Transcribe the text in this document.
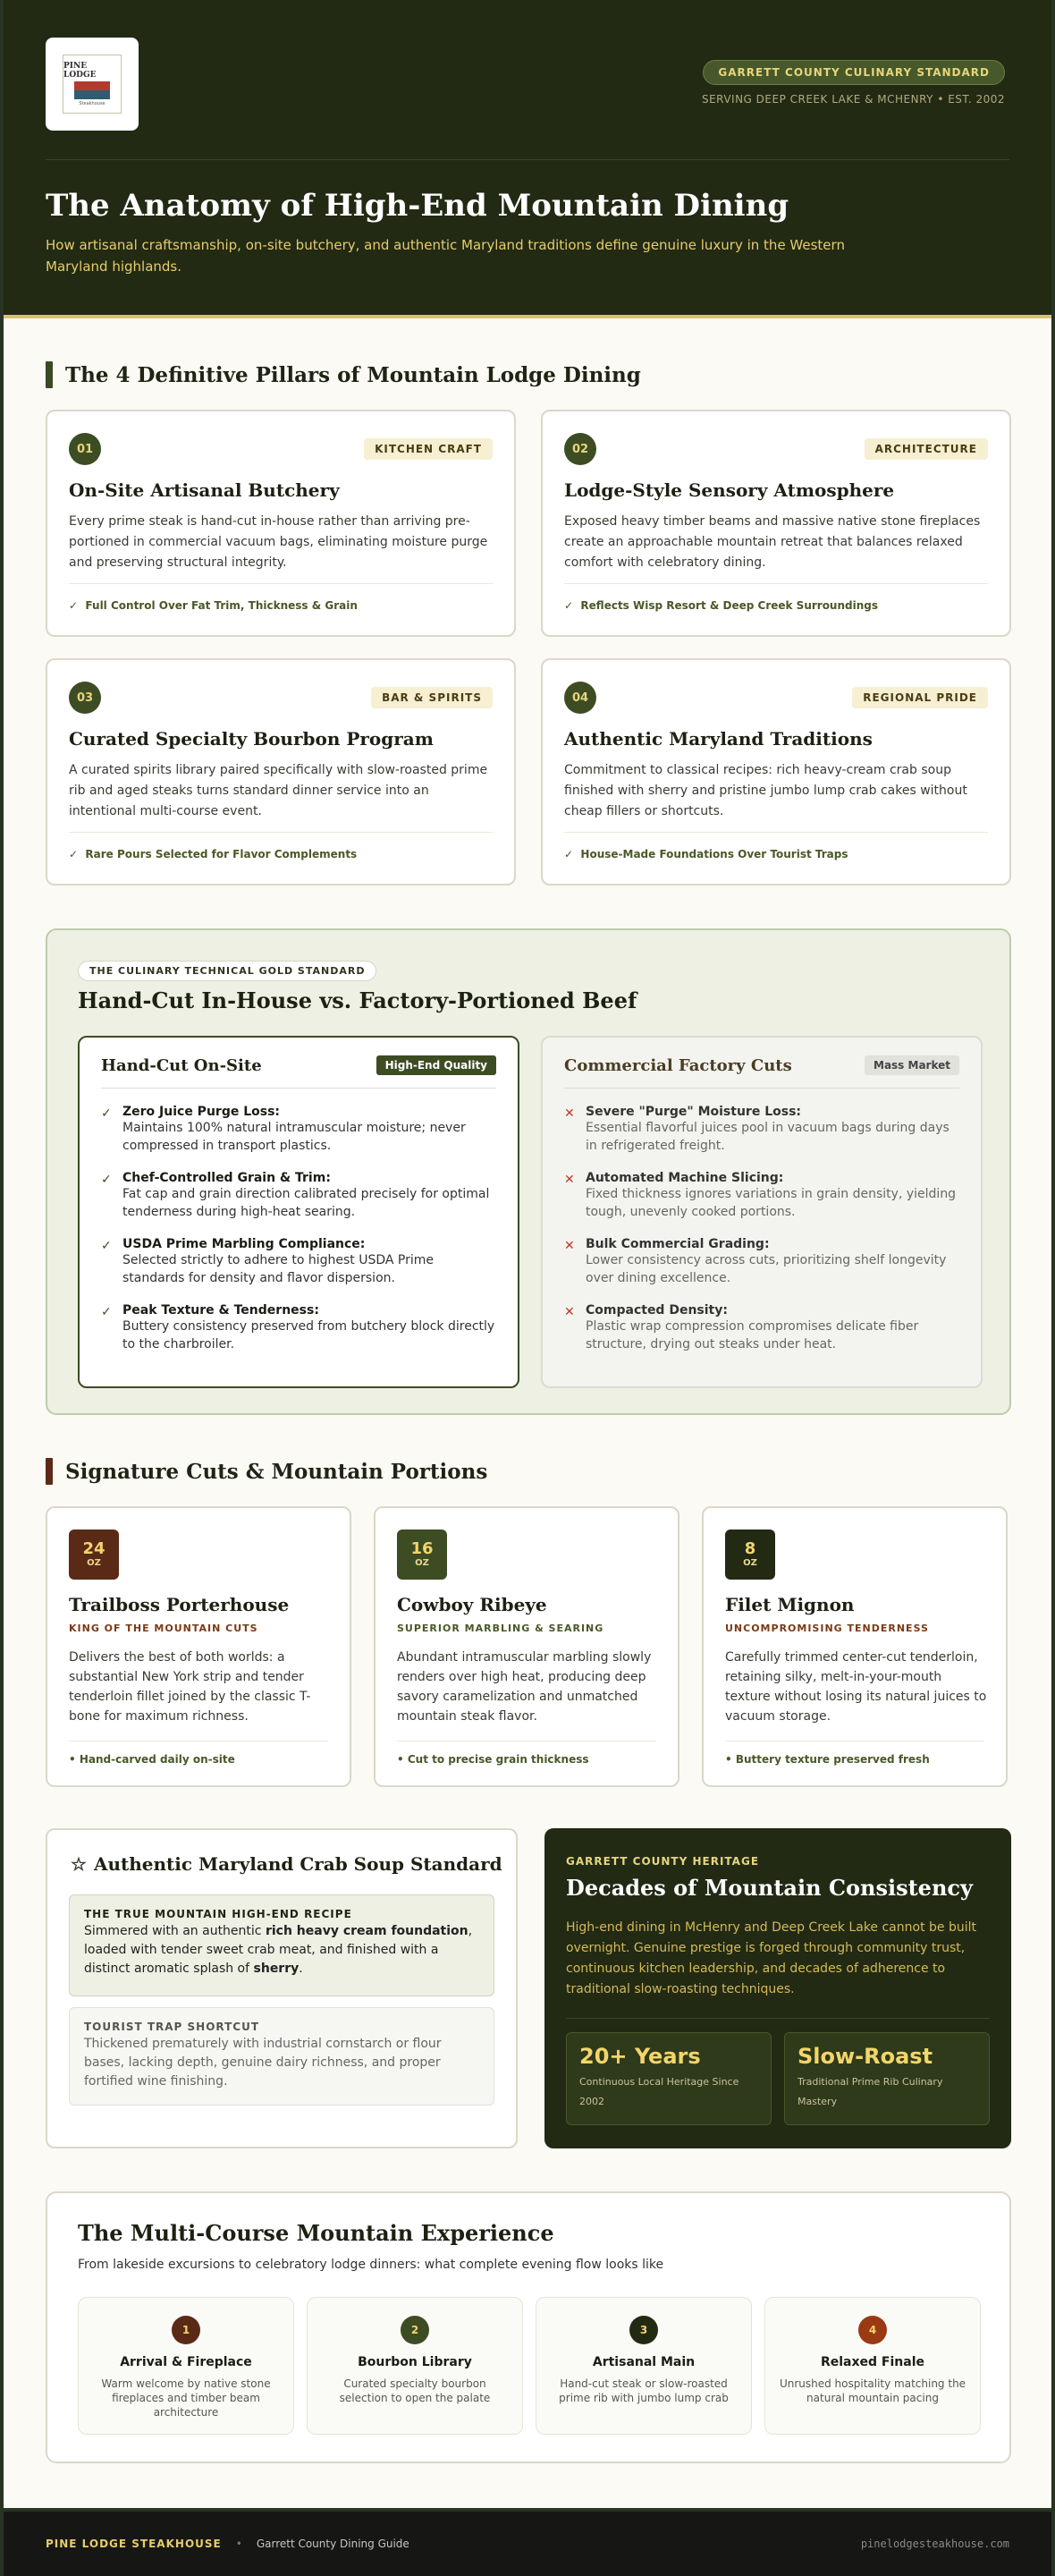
PINE LODGE
Steakhouse
GARRETT COUNTY CULINARY STANDARD
SERVING DEEP CREEK LAKE & MCHENRY • EST. 2002
The Anatomy of High-End Mountain Dining

How artisanal craftsmanship, on-site butchery, and authentic Maryland traditions define genuine luxury in the Western Maryland highlands.

The 4 Definitive Pillars of Mountain Lodge Dining
01	KITCHEN CRAFT
On-Site Artisanal Butchery

Every prime steak is hand-cut in-house rather than arriving pre-portioned in commercial vacuum bags, eliminating moisture purge and preserving structural integrity.

✓  Full Control Over Fat Trim, Thickness & Grain
02	ARCHITECTURE
Lodge-Style Sensory Atmosphere

Exposed heavy timber beams and massive native stone fireplaces create an approachable mountain retreat that balances relaxed comfort with celebratory dining.

✓  Reflects Wisp Resort & Deep Creek Surroundings
03	BAR & SPIRITS
Curated Specialty Bourbon Program

A curated spirits library paired specifically with slow-roasted prime rib and aged steaks turns standard dinner service into an intentional multi-course event.

✓  Rare Pours Selected for Flavor Complements
04	REGIONAL PRIDE
Authentic Maryland Traditions

Commitment to classical recipes: rich heavy-cream crab soup finished with sherry and pristine jumbo lump crab cakes without cheap fillers or shortcuts.

✓  House-Made Foundations Over Tourist Traps
THE CULINARY TECHNICAL GOLD STANDARD
Hand-Cut In-House vs. Factory-Portioned Beef
Hand-Cut On-Site	High-End Quality
✓ Zero Juice Purge Loss:
Maintains 100% natural intramuscular moisture; never compressed in transport plastics.
✓ Chef-Controlled Grain & Trim:
Fat cap and grain direction calibrated precisely for optimal tenderness during high-heat searing.
✓ USDA Prime Marbling Compliance:
Selected strictly to adhere to highest USDA Prime standards for density and flavor dispersion.
✓ Peak Texture & Tenderness:
Buttery consistency preserved from butchery block directly to the charbroiler.
Commercial Factory Cuts	Mass Market
✕ Severe "Purge" Moisture Loss:
Essential flavorful juices pool in vacuum bags during days in refrigerated freight.
✕ Automated Machine Slicing:
Fixed thickness ignores variations in grain density, yielding tough, unevenly cooked portions.
✕ Bulk Commercial Grading:
Lower consistency across cuts, prioritizing shelf longevity over dining excellence.
✕ Compacted Density:
Plastic wrap compression compromises delicate fiber structure, drying out steaks under heat.
Signature Cuts & Mountain Portions
24
OZ
Trailboss Porterhouse
KING OF THE MOUNTAIN CUTS

Delivers the best of both worlds: a substantial New York strip and tender tenderloin fillet joined by the classic T-bone for maximum richness.

• Hand-carved daily on-site
16
OZ
Cowboy Ribeye
SUPERIOR MARBLING & SEARING

Abundant intramuscular marbling slowly renders over high heat, producing deep savory caramelization and unmatched mountain steak flavor.

• Cut to precise grain thickness
8
OZ
Filet Mignon
UNCOMPROMISING TENDERNESS

Carefully trimmed center-cut tenderloin, retaining silky, melt-in-your-mouth texture without losing its natural juices to vacuum storage.

• Buttery texture preserved fresh
☆ Authentic Maryland Crab Soup Standard
THE TRUE MOUNTAIN HIGH-END RECIPE
Simmered with an authentic rich heavy cream foundation, loaded with tender sweet crab meat, and finished with a distinct aromatic splash of sherry.
TOURIST TRAP SHORTCUT
Thickened prematurely with industrial cornstarch or flour bases, lacking depth, genuine dairy richness, and proper fortified wine finishing.
GARRETT COUNTY HERITAGE
Decades of Mountain Consistency

High-end dining in McHenry and Deep Creek Lake cannot be built overnight. Genuine prestige is forged through community trust, continuous kitchen leadership, and decades of adherence to traditional slow-roasting techniques.

20+ Years
Continuous Local Heritage Since 2002
Slow-Roast
Traditional Prime Rib Culinary Mastery
The Multi-Course Mountain Experience

From lakeside excursions to celebratory lodge dinners: what complete evening flow looks like

1
Arrival & Fireplace
Warm welcome by native stone fireplaces and timber beam architecture
2
Bourbon Library
Curated specialty bourbon selection to open the palate
3
Artisanal Main
Hand-cut steak or slow-roasted prime rib with jumbo lump crab
4
Relaxed Finale
Unrushed hospitality matching the natural mountain pacing
PINE LODGE STEAKHOUSE • Garrett County Dining Guide	pinelodgesteakhouse.com
